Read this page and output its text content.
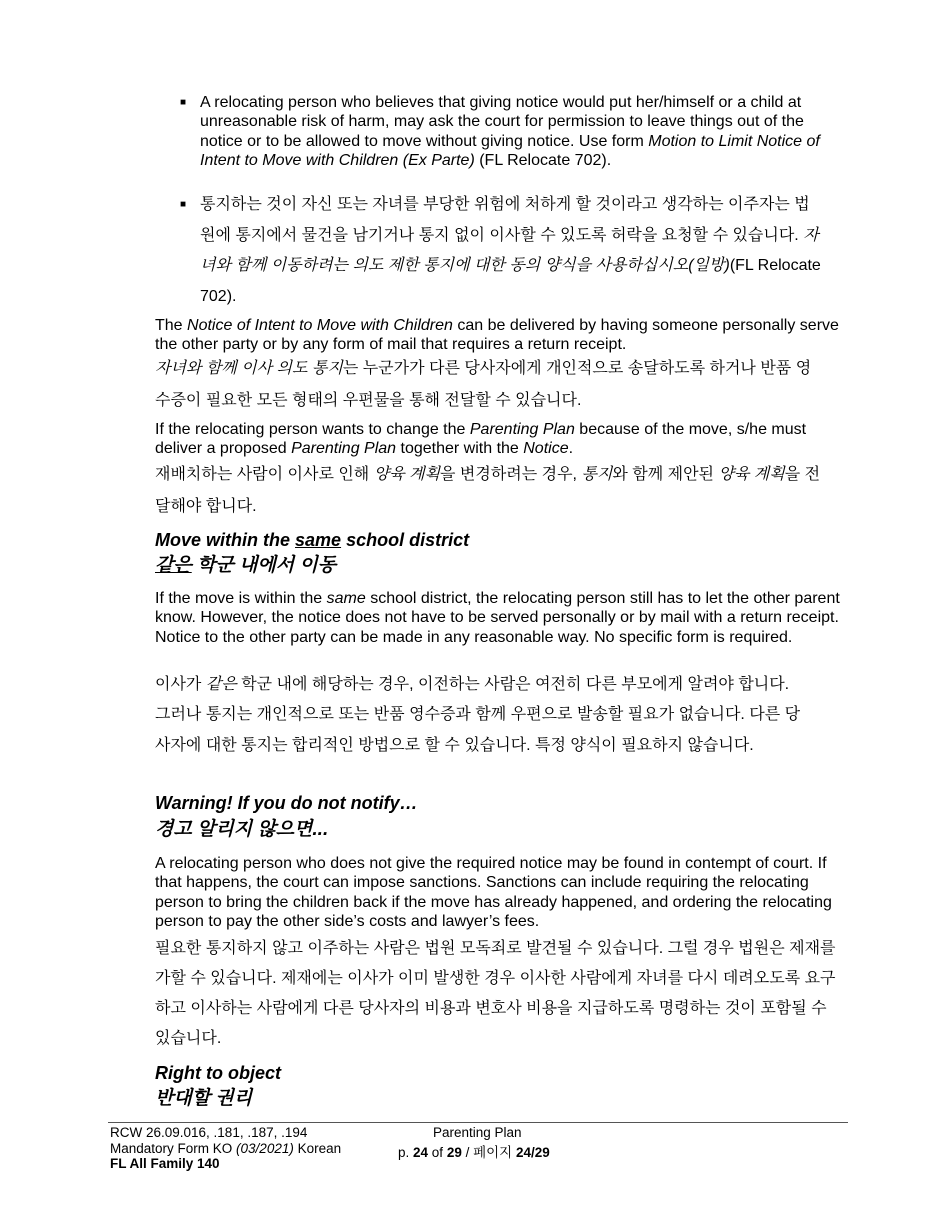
■ A relocating person who believes that giving notice would put her/himself or a child at unreasonable risk of harm, may ask the court for permission to leave things out of the notice or to be allowed to move without giving notice. Use form Motion to Limit Notice of Intent to Move with Children (Ex Parte) (FL Relocate 702).
■ 통지하는 것이 자신 또는 자녀를 부당한 위험에 처하게 할 것이라고 생각하는 이주자는 법원에 통지에서 물건을 남기거나 통지 없이 이사할 수 있도록 허락을 요청할 수 있습니다. 자녀와 함께 이동하려는 의도 제한 통지에 대한 동의 양식을 사용하십시오(일방)(FL Relocate 702).
The Notice of Intent to Move with Children can be delivered by having someone personally serve the other party or by any form of mail that requires a return receipt.
자녀와 함께 이사 의도 통지는 누군가가 다른 당사자에게 개인적으로 송달하도록 하거나 반품 영수증이 필요한 모든 형태의 우편물을 통해 전달할 수 있습니다.
If the relocating person wants to change the Parenting Plan because of the move, s/he must deliver a proposed Parenting Plan together with the Notice.
재배치하는 사람이 이사로 인해 양육 계획을 변경하려는 경우, 통지와 함께 제안된 양육 계획을 전달해야 합니다.
Move within the same school district
같은 학군 내에서 이동
If the move is within the same school district, the relocating person still has to let the other parent know. However, the notice does not have to be served personally or by mail with a return receipt. Notice to the other party can be made in any reasonable way. No specific form is required.
이사가 같은 학군 내에 해당하는 경우, 이전하는 사람은 여전히 다른 부모에게 알려야 합니다. 그러나 통지는 개인적으로 또는 반품 영수증과 함께 우편으로 발송할 필요가 없습니다. 다른 당사자에 대한 통지는 합리적인 방법으로 할 수 있습니다. 특정 양식이 필요하지 않습니다.
Warning! If you do not notify…
경고 알리지 않으면...
A relocating person who does not give the required notice may be found in contempt of court. If that happens, the court can impose sanctions. Sanctions can include requiring the relocating person to bring the children back if the move has already happened, and ordering the relocating person to pay the other side’s costs and lawyer’s fees.
필요한 통지하지 않고 이주하는 사람은 법원 모독죄로 발견될 수 있습니다. 그럴 경우 법원은 제재를 가할 수 있습니다. 제재에는 이사가 이미 발생한 경우 이사한 사람에게 자녀를 다시 데려오도록 요구하고 이사하는 사람에게 다른 당사자의 비용과 변호사 비용을 지급하도록 명령하는 것이 포함될 수 있습니다.
Right to object
반대할 권리
RCW 26.09.016, .181, .187, .194
Mandatory Form KO (03/2021) Korean
FL All Family 140
Parenting Plan
p. 24 of 29 / 페이지 24/29
